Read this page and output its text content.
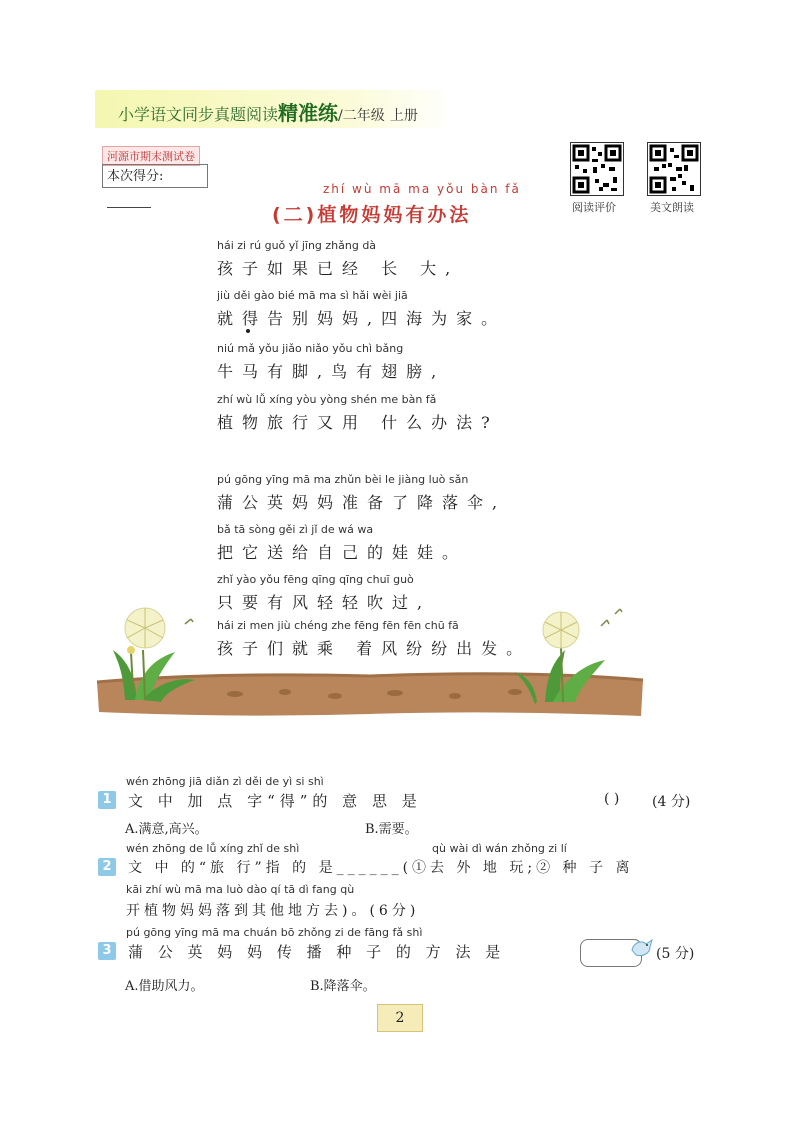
小学语文同步真题阅读精准练/二年级 上册
河源市期末测试卷
本次得分:
阅读评价	美文朗读
zhí wù mā ma yǒu bàn fǎ
(二)植物妈妈有办法
hái zi rú guǒ yǐ jīng zhǎng dà
孩子如果已经 长 大,
jiù děi gào bié mā ma sì hǎi wèi jiā
就得告别妈妈,四海为家。
niú mǎ yǒu jiǎo niǎo yǒu chì bǎng
牛马有脚,鸟有翅膀,
zhí wù lǚ xíng yòu yòng shén me bàn fǎ
植物旅行又用 什么办法?
pú gōng yīng mā ma zhǔn bèi le jiàng luò sǎn
蒲公英妈妈准备了降落伞,
bǎ tā sòng gěi zì jǐ de wá wa
把它送给自己的娃娃。
zhǐ yào yǒu fēng qīng qīng chuī guò
只要有风轻轻吹过,
hái zi men jiù chéng zhe fēng fēn fēn chū fā
孩子们就乘 着风纷纷出发。
wén zhōng jiā diǎn zì děi de yì si shì
1 文 中 加 点 字“得”的 意 思 是	( ) (4 分)
A.满意,高兴。	B.需要。
wén zhōng de lǚ xíng zhǐ de shì	qù wài dì wán zhǒng zi lí
2	文 中 的“旅 行”指 的 是______(①去 外 地 玩;② 种 子 离
kāi zhí wù mā ma luò dào qí tā dì fang qù
开植物妈妈落到其他地方去)。(6分)
pú gōng yīng mā ma chuán bō zhǒng zi de fāng fǎ shì
3 蒲 公 英 妈 妈 传 播 种 子 的 方 法 是	(5 分)
A.借助风力。	B.降落伞。
2
